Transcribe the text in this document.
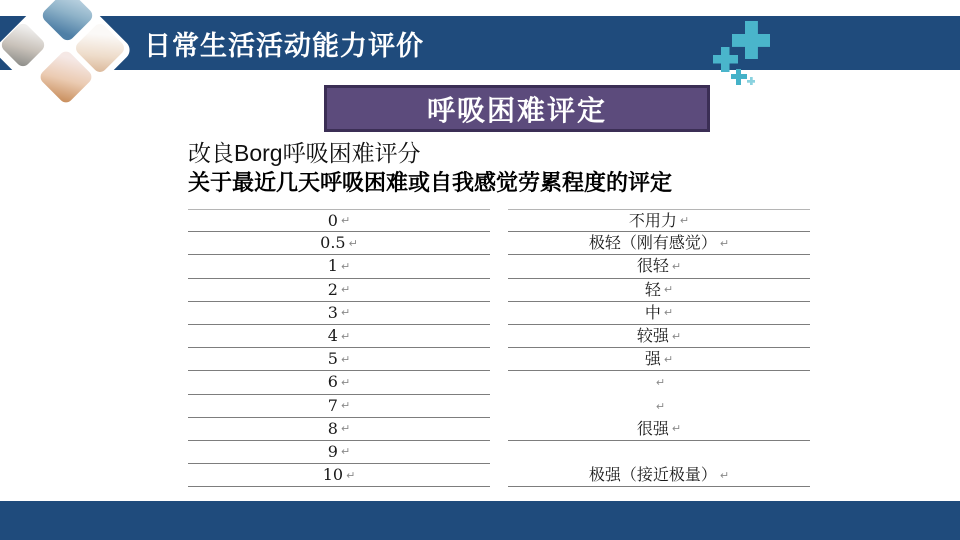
日常生活活动能力评价
呼吸困难评定
改良Borg呼吸困难评分
关于最近几天呼吸困难或自我感觉劳累程度的评定
0 ↵	不用力 ↵
0.5 ↵	极轻（刚有感觉） ↵
1 ↵	很轻 ↵
2 ↵	轻 ↵
3 ↵	中 ↵
4 ↵	较强 ↵
5 ↵	强 ↵
6 ↵	↵
7 ↵	↵
8 ↵	很强 ↵
9 ↵
10 ↵	极强（接近极量） ↵
